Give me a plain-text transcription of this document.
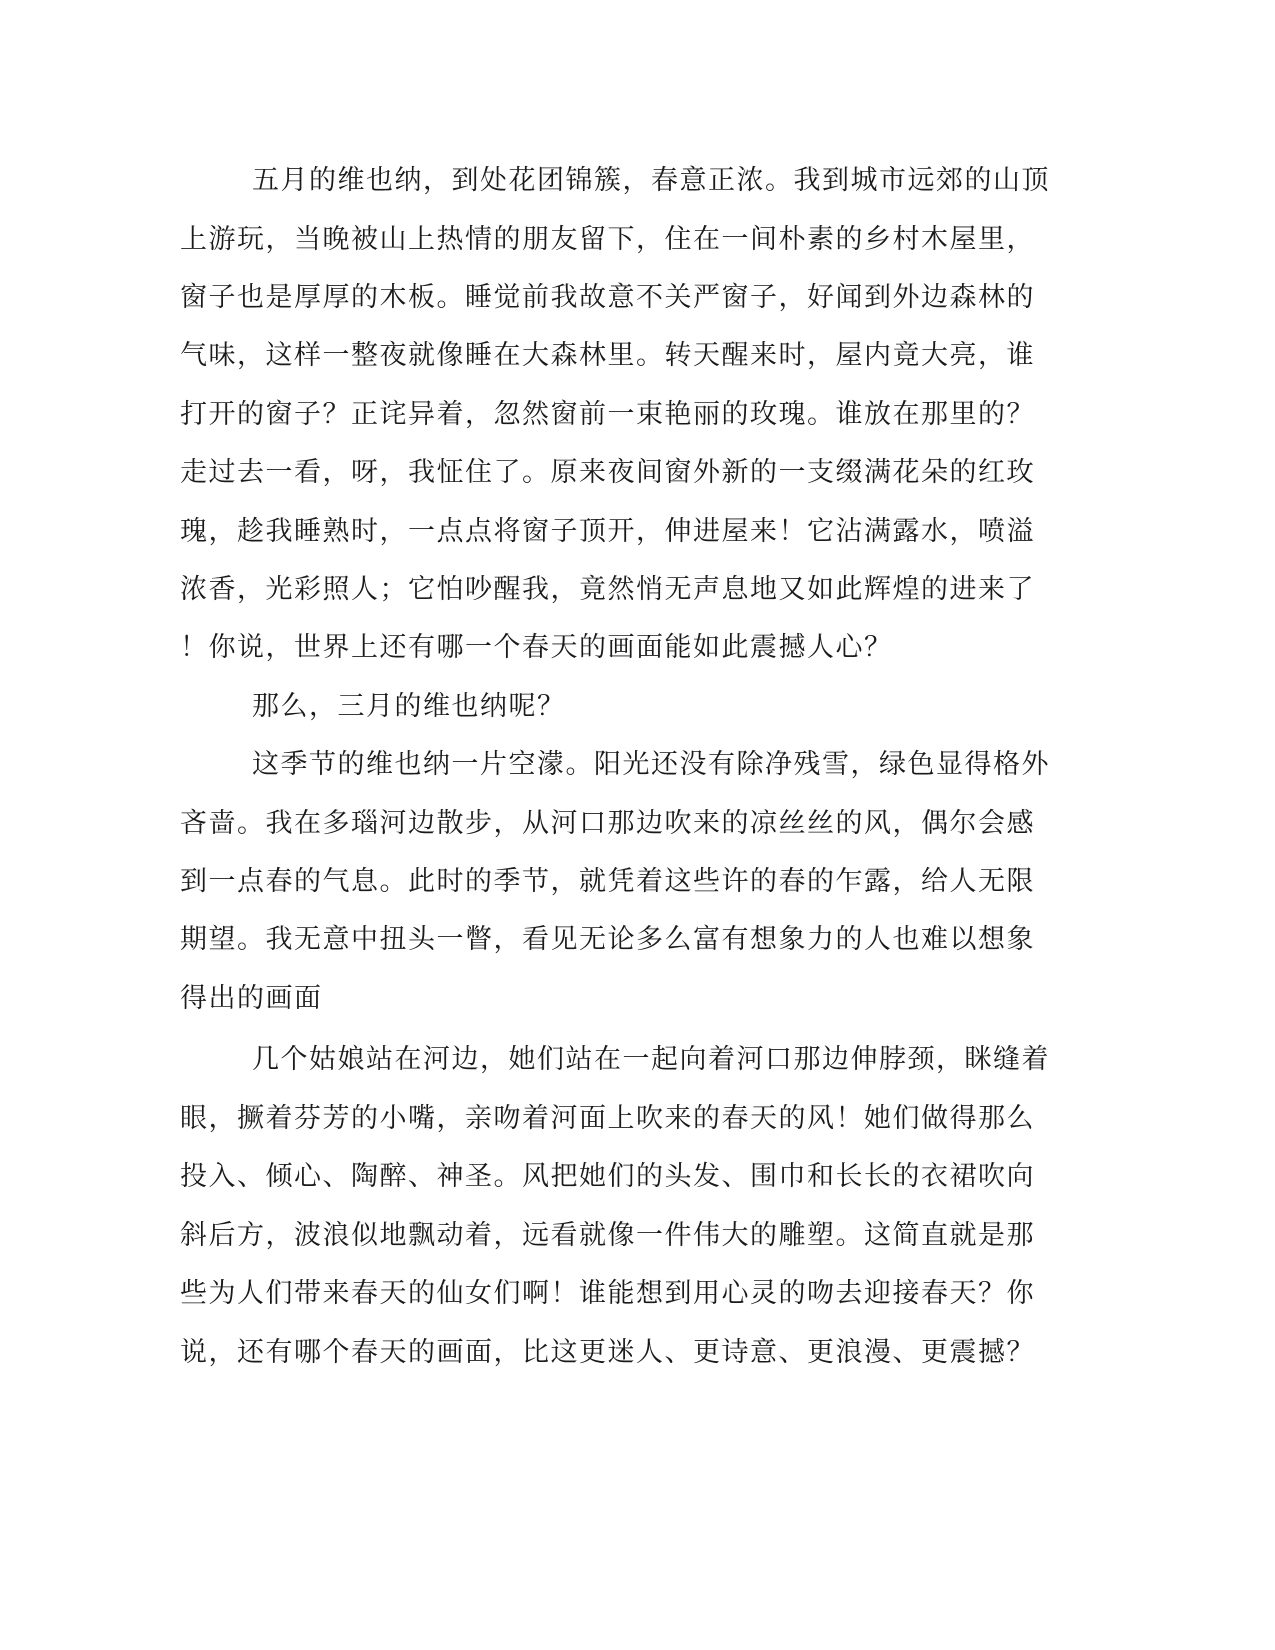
五月的维也纳，到处花团锦簇，春意正浓。我到城市远郊的山顶
上游玩，当晚被山上热情的朋友留下，住在一间朴素的乡村木屋里，
窗子也是厚厚的木板。睡觉前我故意不关严窗子，好闻到外边森林的
气味，这样一整夜就像睡在大森林里。转天醒来时，屋内竟大亮，谁
打开的窗子？正诧异着，忽然窗前一束艳丽的玫瑰。谁放在那里的？
走过去一看，呀，我怔住了。原来夜间窗外新的一支缀满花朵的红玫
瑰，趁我睡熟时，一点点将窗子顶开，伸进屋来！它沾满露水，喷溢
浓香，光彩照人；它怕吵醒我，竟然悄无声息地又如此辉煌的进来了
！你说，世界上还有哪一个春天的画面能如此震撼人心？
那么，三月的维也纳呢？
这季节的维也纳一片空濛。阳光还没有除净残雪，绿色显得格外
吝啬。我在多瑙河边散步，从河口那边吹来的凉丝丝的风，偶尔会感
到一点春的气息。此时的季节，就凭着这些许的春的乍露，给人无限
期望。我无意中扭头一瞥，看见无论多么富有想象力的人也难以想象
得出的画面
几个姑娘站在河边，她们站在一起向着河口那边伸脖颈，眯缝着
眼，撅着芬芳的小嘴，亲吻着河面上吹来的春天的风！她们做得那么
投入、倾心、陶醉、神圣。风把她们的头发、围巾和长长的衣裙吹向
斜后方，波浪似地飘动着，远看就像一件伟大的雕塑。这简直就是那
些为人们带来春天的仙女们啊！谁能想到用心灵的吻去迎接春天？你
说，还有哪个春天的画面，比这更迷人、更诗意、更浪漫、更震撼？
